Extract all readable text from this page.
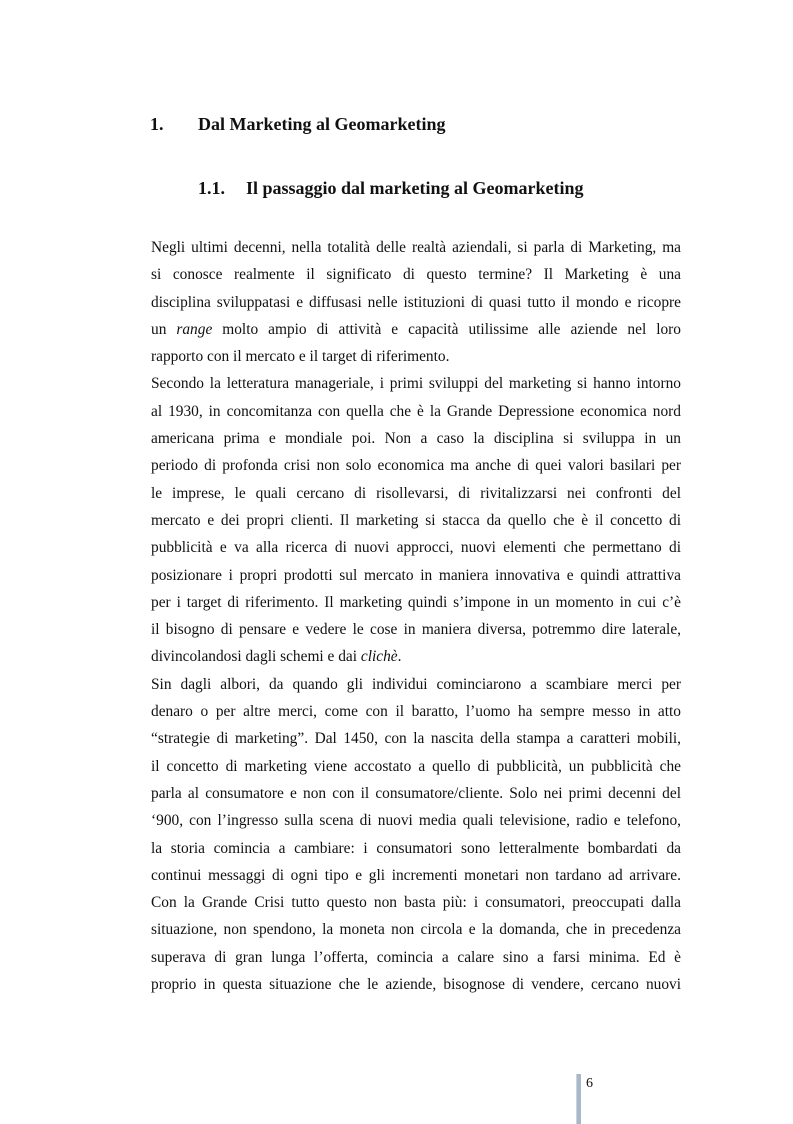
1. Dal Marketing al Geomarketing
1.1. Il passaggio dal marketing al Geomarketing
Negli ultimi decenni, nella totalità delle realtà aziendali, si parla di Marketing, ma
si conosce realmente il significato di questo termine? Il Marketing è una
disciplina sviluppatasi e diffusasi nelle istituzioni di quasi tutto il mondo e ricopre
un range molto ampio di attività e capacità utilissime alle aziende nel loro
rapporto con il mercato e il target di riferimento.
Secondo la letteratura manageriale, i primi sviluppi del marketing si hanno intorno
al 1930, in concomitanza con quella che è la Grande Depressione economica nord
americana prima e mondiale poi. Non a caso la disciplina si sviluppa in un
periodo di profonda crisi non solo economica ma anche di quei valori basilari per
le imprese, le quali cercano di risollevarsi, di rivitalizzarsi nei confronti del
mercato e dei propri clienti. Il marketing si stacca da quello che è il concetto di
pubblicità e va alla ricerca di nuovi approcci, nuovi elementi che permettano di
posizionare i propri prodotti sul mercato in maniera innovativa e quindi attrattiva
per i target di riferimento. Il marketing quindi s’impone in un momento in cui c’è
il bisogno di pensare e vedere le cose in maniera diversa, potremmo dire laterale,
divincolandosi dagli schemi e dai clichè.
Sin dagli albori, da quando gli individui cominciarono a scambiare merci per
denaro o per altre merci, come con il baratto, l’uomo ha sempre messo in atto
“strategie di marketing”. Dal 1450, con la nascita della stampa a caratteri mobili,
il concetto di marketing viene accostato a quello di pubblicità, un pubblicità che
parla al consumatore e non con il consumatore/cliente. Solo nei primi decenni del
‘900, con l’ingresso sulla scena di nuovi media quali televisione, radio e telefono,
la storia comincia a cambiare: i consumatori sono letteralmente bombardati da
continui messaggi di ogni tipo e gli incrementi monetari non tardano ad arrivare.
Con la Grande Crisi tutto questo non basta più: i consumatori, preoccupati dalla
situazione, non spendono, la moneta non circola e la domanda, che in precedenza
superava di gran lunga l’offerta, comincia a calare sino a farsi minima. Ed è
proprio in questa situazione che le aziende, bisognose di vendere, cercano nuovi
6
